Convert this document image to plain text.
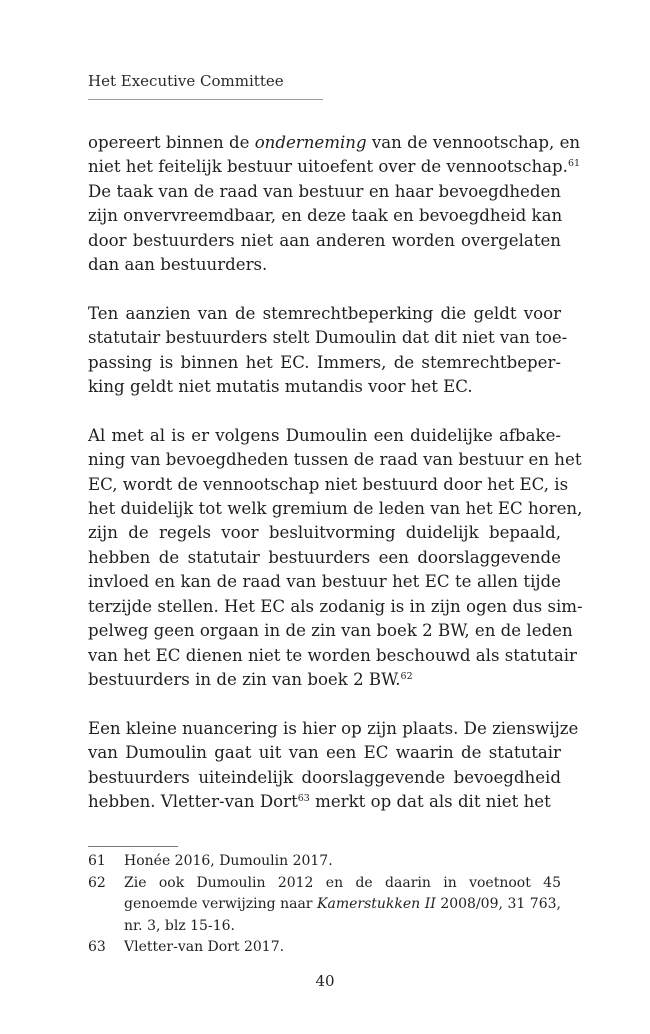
Het Executive Committee
opereert binnen de onderneming van de vennootschap, en
niet het feitelijk bestuur uitoefent over de vennootschap.$^{61}$
De taak van de raad van bestuur en haar bevoegdheden
zijn onvervreemdbaar, en deze taak en bevoegdheid kan
door bestuurders niet aan anderen worden overgelaten
dan aan bestuurders.
Ten aanzien van de stemrechtbeperking die geldt voor
statutair bestuurders stelt Dumoulin dat dit niet van toe-
passing is binnen het EC. Immers, de stemrechtbeper-
king geldt niet mutatis mutandis voor het EC.
Al met al is er volgens Dumoulin een duidelijke afbake-
ning van bevoegdheden tussen de raad van bestuur en het
EC, wordt de vennootschap niet bestuurd door het EC, is
het duidelijk tot welk gremium de leden van het EC horen,
zijn de regels voor besluitvorming duidelijk bepaald,
hebben de statutair bestuurders een doorslaggevende
invloed en kan de raad van bestuur het EC te allen tijde
terzijde stellen. Het EC als zodanig is in zijn ogen dus sim-
pelweg geen orgaan in de zin van boek 2 BW, en de leden
van het EC dienen niet te worden beschouwd als statutair
bestuurders in de zin van boek 2 BW.$^{62}$
Een kleine nuancering is hier op zijn plaats. De zienswijze
van Dumoulin gaat uit van een EC waarin de statutair
bestuurders uiteindelijk doorslaggevende bevoegdheid
hebben. Vletter-van Dort$^{63}$ merkt op dat als dit niet het
61	Honée 2016, Dumoulin 2017.
62	Zie ook Dumoulin 2012 en de daarin in voetnoot 45
genoemde verwijzing naar Kamerstukken II 2008/09, 31 763,
nr. 3, blz 15-16.
63	Vletter-van Dort 2017.
40
